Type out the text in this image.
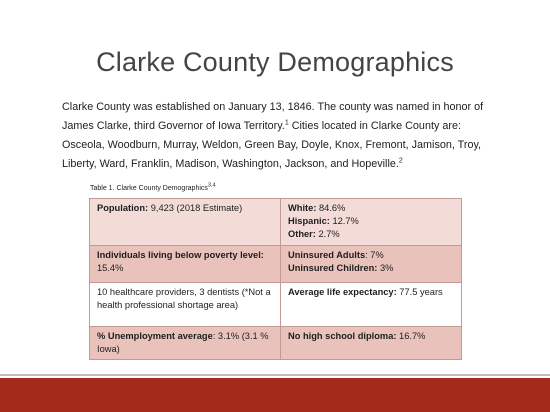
Clarke County Demographics
Clarke County was established on January 13, 1846. The county was named in honor of James Clarke, third Governor of Iowa Territory.$^1$ Cities located in Clarke County are: Osceola, Woodburn, Murray, Weldon, Green Bay, Doyle, Knox, Fremont, Jamison, Troy, Liberty, Ward, Franklin, Madison, Washington, Jackson, and Hopeville.$^2$
Table 1. Clarke County Demographics$^{3,4}$
Population: 9,423 (2018 Estimate)	White: 84.6%
Hispanic: 12.7%
Other: 2.7%

Individuals living below poverty level: 15.4%	Uninsured Adults: 7%
Uninsured Children: 3%

10 healthcare providers, 3 dentists (*Not a health professional shortage area)	Average life expectancy: 77.5 years
% Unemployment average: 3.1% (3.1 % Iowa)	No high school diploma: 16.7%
